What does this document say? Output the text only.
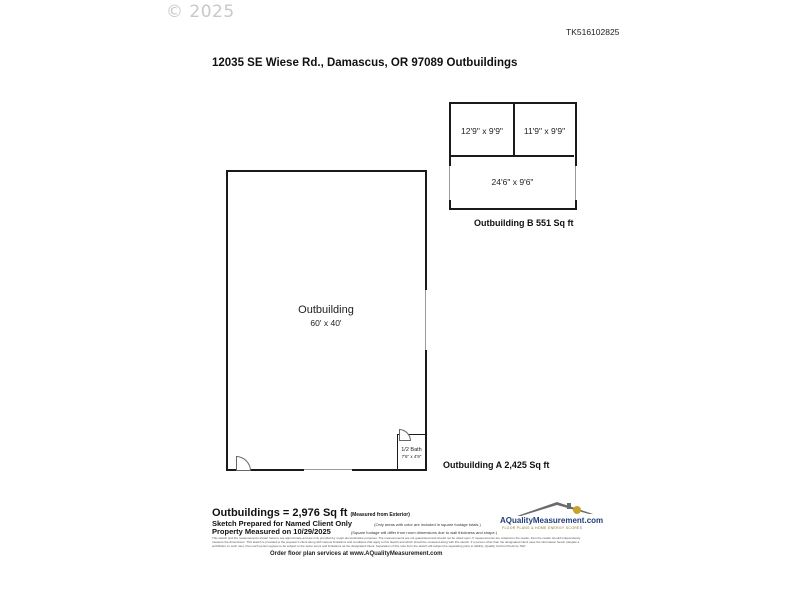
© 2025
TK516102825
12035 SE Wiese Rd., Damascus, OR 97089 Outbuildings
12'9" x 9'9"	11'9" x 9'9"
24'6" x 9'6"
Outbuilding B 551 Sq ft
Outbuilding
60' x 40'
1/2 Bath
7'6" x 4'9"
Outbuilding A 2,425 Sq ft
Outbuildings = 2,976 Sq ft (Measured from Exterior)
Sketch Prepared for Named Client Only	(Only areas with color are included in square footage totals.)
Property Measured on 10/29/2025	(Square footage will differ from room dimensions due to wall thickness and shape.)
This sketch and the measurements shown hereon, are approximate and are only provided by rough demonstrative purposes. The measurements are not guaranteed and should not be relied upon. If measurements are material to the reader, then the reader should independently measure the dimensions. This sketch is provided to the preparer's client along with various limitations and conditions that apply to this sketch and which should be reviewed along with this sketch. If a person other than the designated Client uses the information herein (despite a prohibition on such use), then such person agrees to be subject to the same terms and limitations as the designated Client. Separation of this note from the sketch will subject the separating party to liability. (Quality Control Check by SW)
Order floor plan services at www.AQualityMeasurement.com
AQualityMeasurement.com
FLOOR PLANS & HOME ENERGY SCORES
